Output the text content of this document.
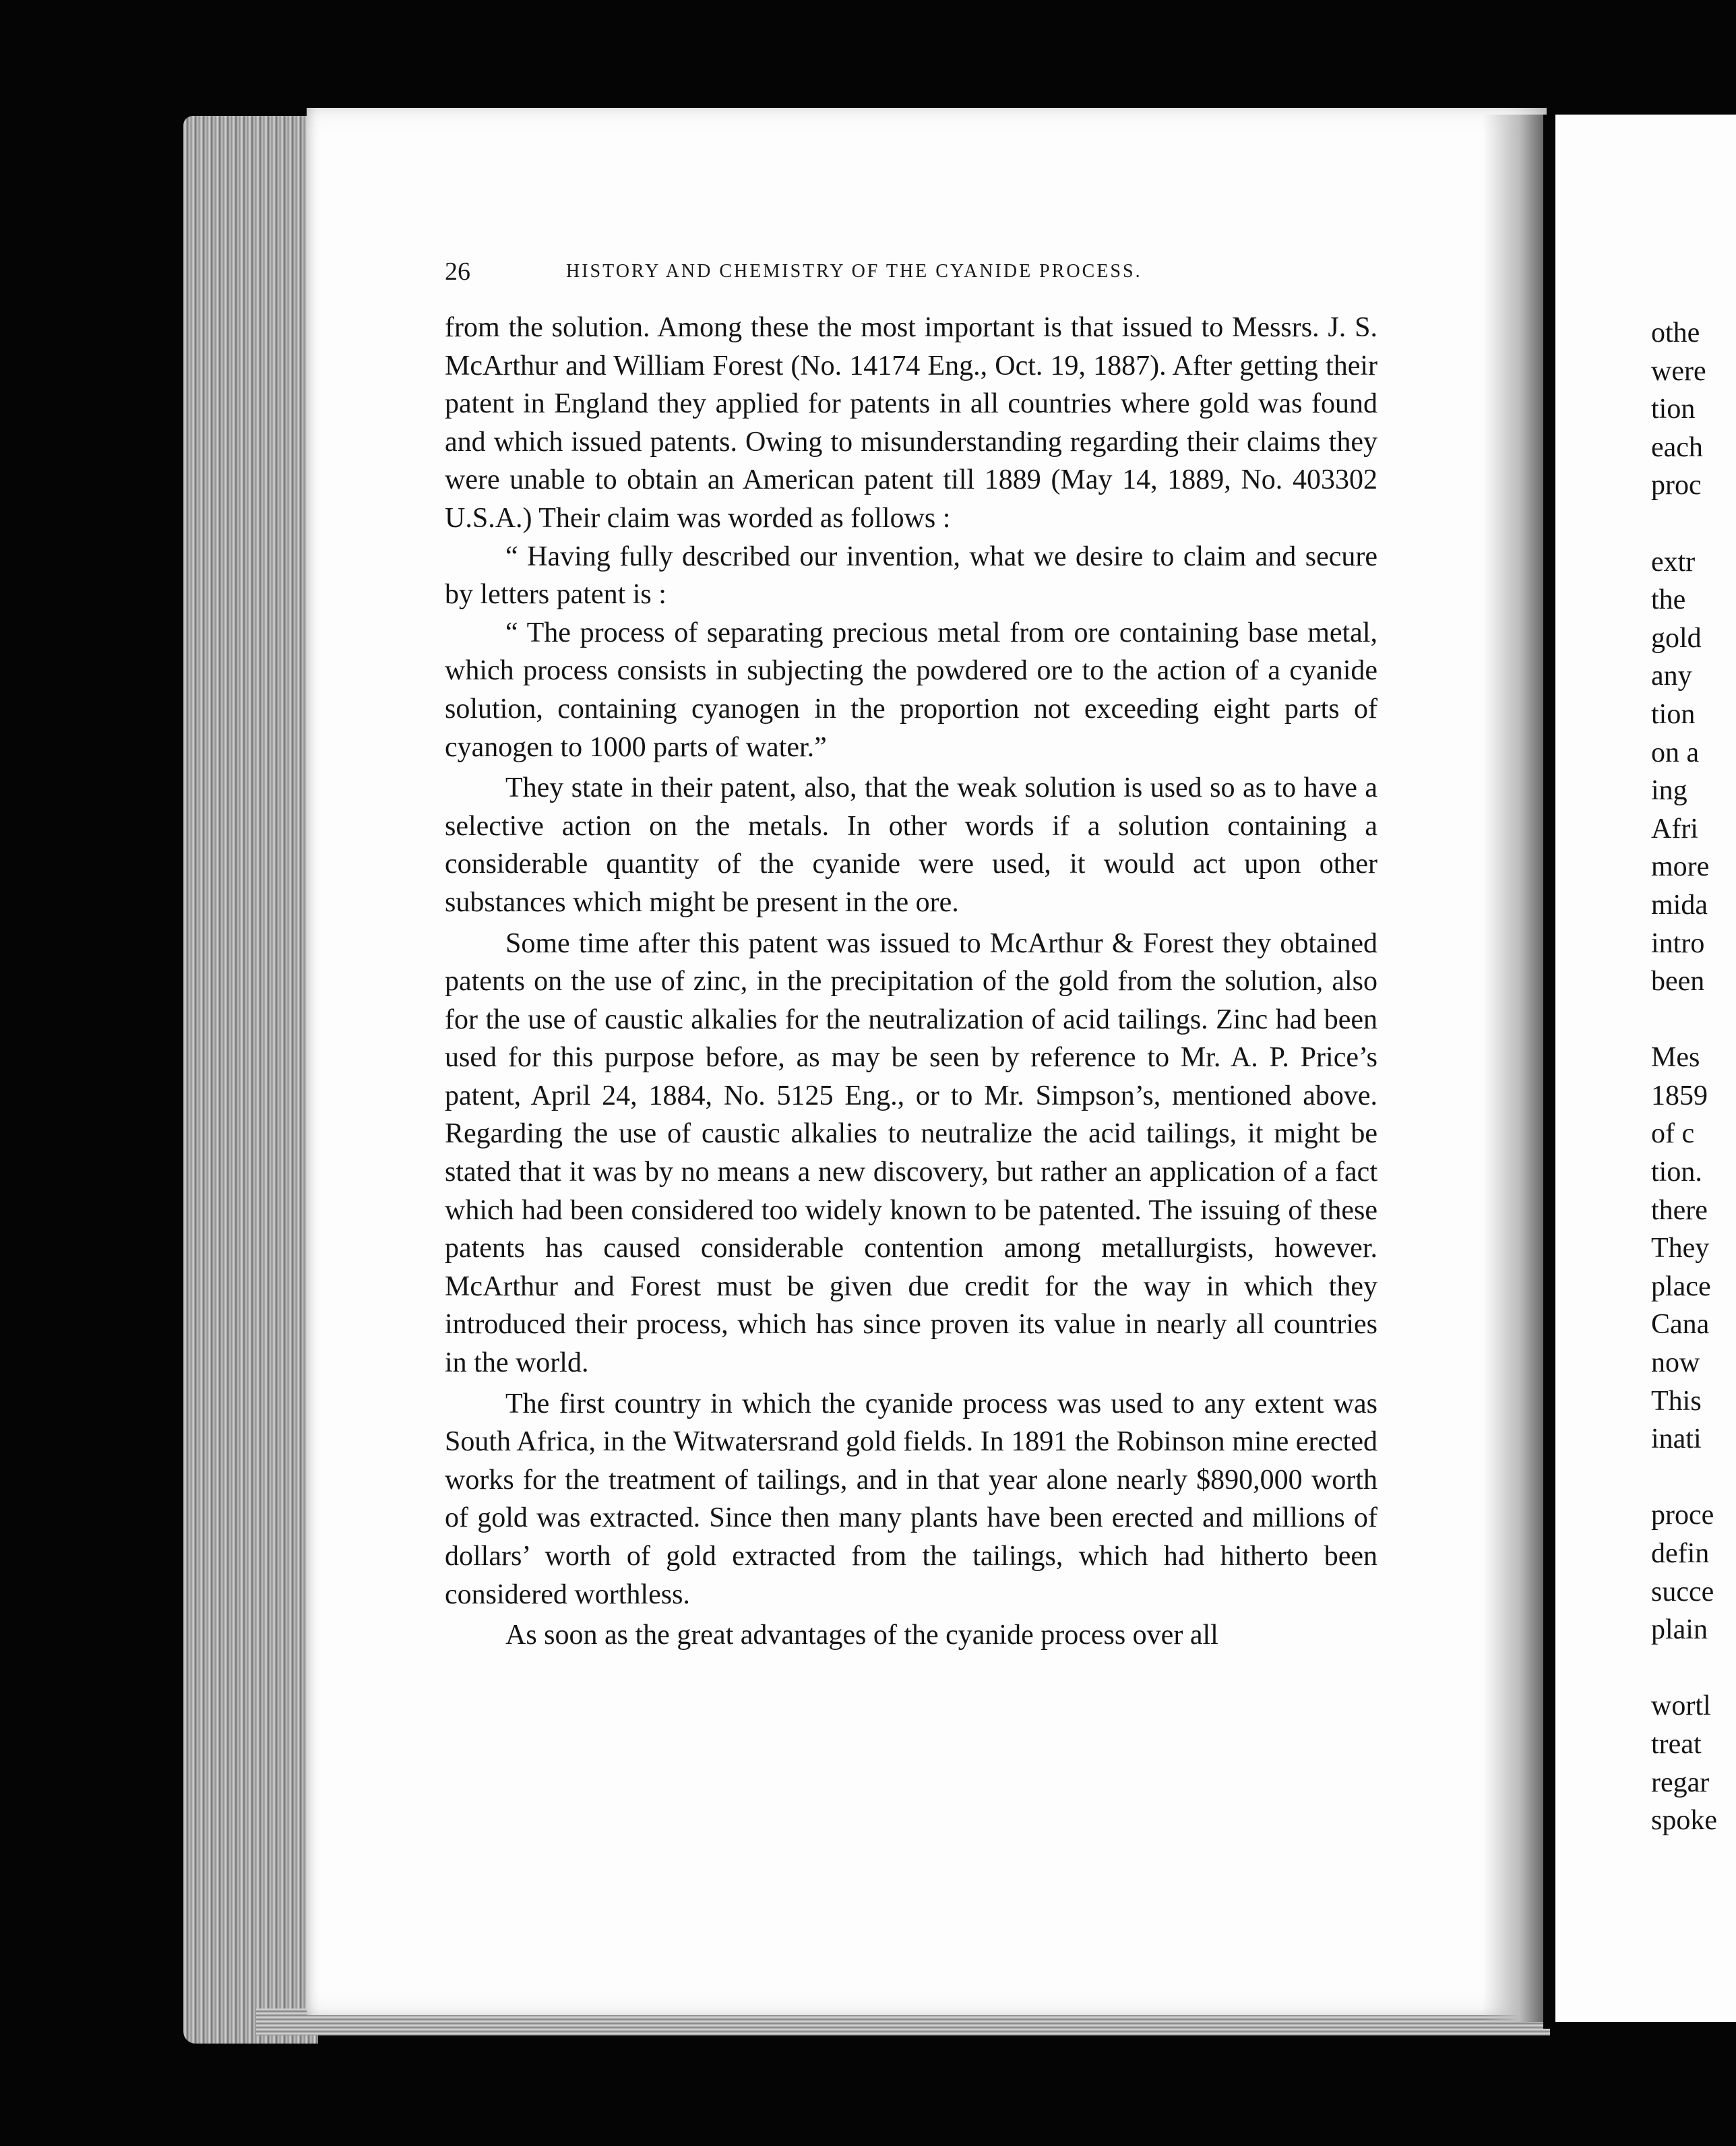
26	HISTORY AND CHEMISTRY OF THE CYANIDE PROCESS.

from the solution. Among these the most important is that issued to Messrs. J. S. McArthur and William Forest (No. 14174 Eng., Oct. 19, 1887). After getting their patent in England they applied for patents in all countries where gold was found and which issued patents. Owing to misunderstanding regarding their claims they were unable to obtain an American patent till 1889 (May 14, 1889, No. 403302 U.S.A.) Their claim was worded as follows :

“ Having fully described our invention, what we desire to claim and secure by letters patent is :

“ The process of separating precious metal from ore containing base metal, which process consists in subjecting the powdered ore to the action of a cyanide solution, containing cyanogen in the proportion not exceeding eight parts of cyanogen to 1000 parts of water.”

They state in their patent, also, that the weak solution is used so as to have a selective action on the metals. In other words if a solution containing a considerable quantity of the cyanide were used, it would act upon other substances which might be present in the ore.

Some time after this patent was issued to McArthur & Forest they obtained patents on the use of zinc, in the precipitation of the gold from the solution, also for the use of caustic alkalies for the neutralization of acid tailings. Zinc had been used for this purpose before, as may be seen by reference to Mr. A. P. Price’s patent, April 24, 1884, No. 5125 Eng., or to Mr. Simpson’s, mentioned above. Regarding the use of caustic alkalies to neutralize the acid tailings, it might be stated that it was by no means a new discovery, but rather an application of a fact which had been considered too widely known to be patented. The issuing of these patents has caused considerable contention among metallurgists, however. McArthur and Forest must be given due credit for the way in which they introduced their process, which has since proven its value in nearly all countries in the world.

The first country in which the cyanide process was used to any extent was South Africa, in the Witwatersrand gold fields. In 1891 the Robinson mine erected works for the treatment of tailings, and in that year alone nearly $890,000 worth of gold was extracted. Since then many plants have been erected and millions of dollars’ worth of gold extracted from the tailings, which had hitherto been considered worthless.

As soon as the great advantages of the cyanide process over all

othe
were
tion
each
proc
extr
the
gold
any
tion
on a
ing
Afri
more
mida
intro
been
Mes
1859
of c
tion.
there
They
place
Cana
now
This
inati
proce
defin
succe
plain
wortl
treat
regar
spoke
